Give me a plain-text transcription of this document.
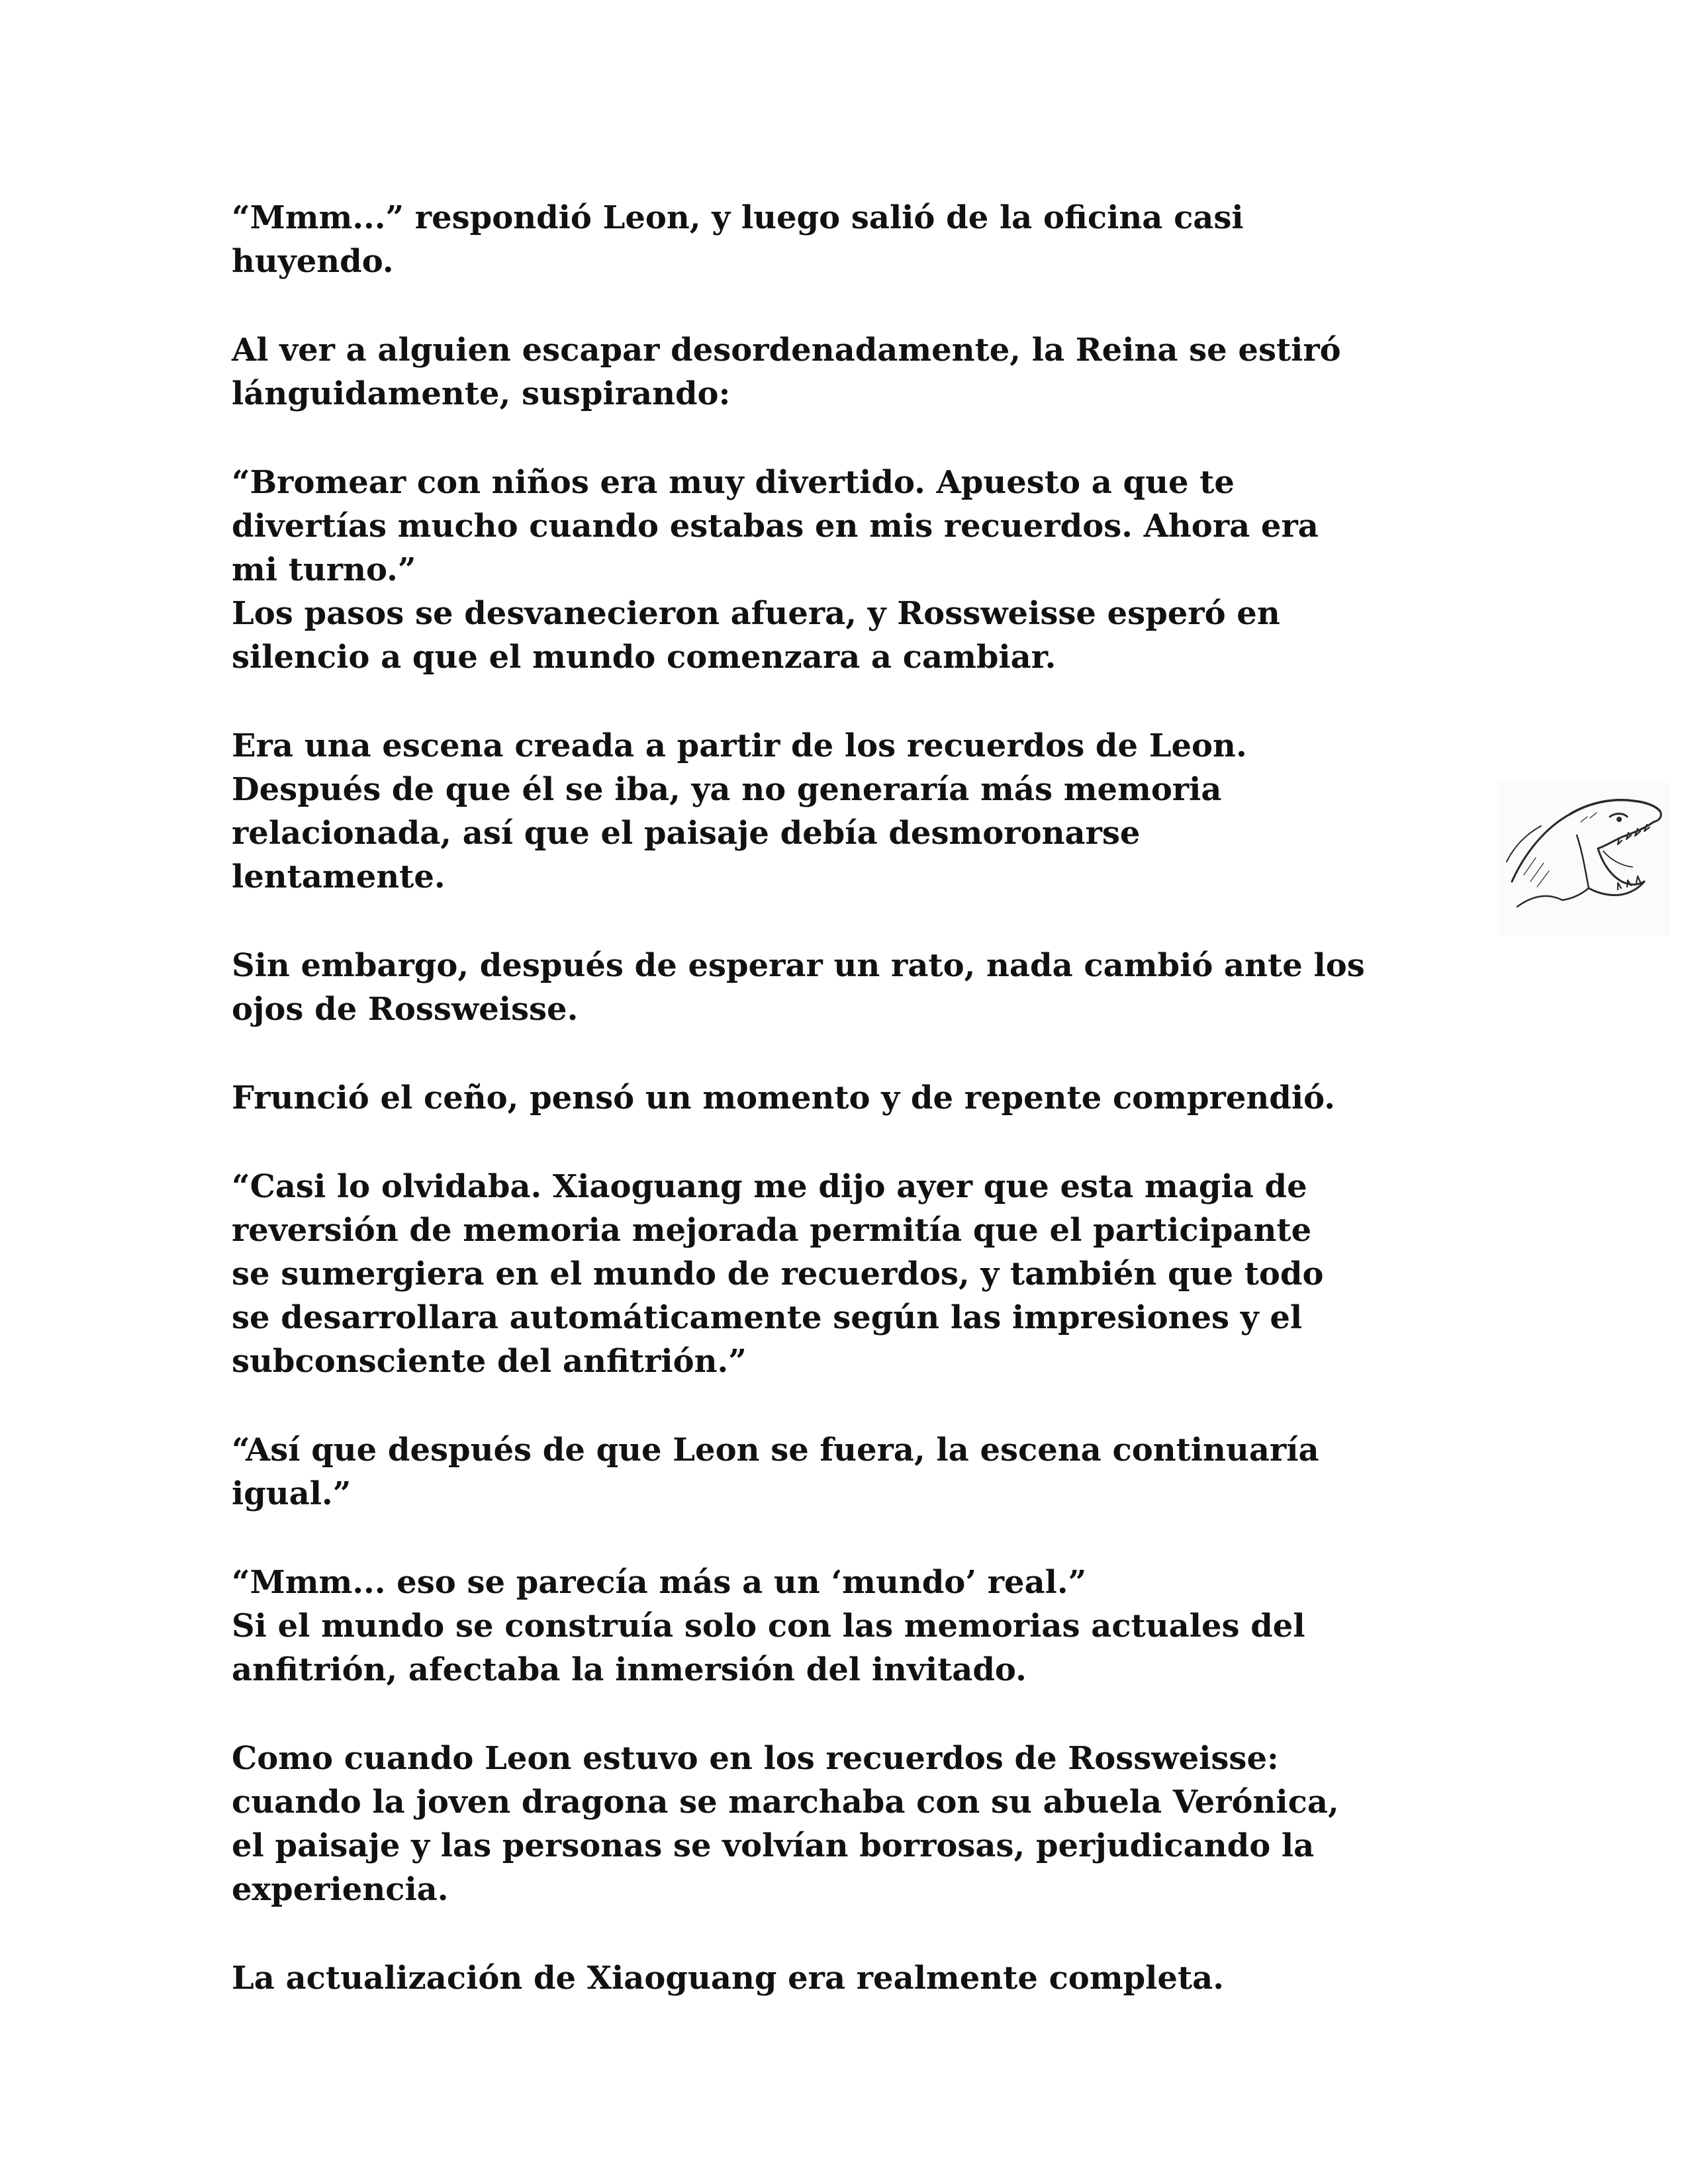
“Mmm...” respondió Leon, y luego salió de la oficina casi
huyendo.
Al ver a alguien escapar desordenadamente, la Reina se estiró
lánguidamente, suspirando:
“Bromear con niños era muy divertido. Apuesto a que te
divertías mucho cuando estabas en mis recuerdos. Ahora era
mi turno.”
Los pasos se desvanecieron afuera, y Rossweisse esperó en
silencio a que el mundo comenzara a cambiar.
Era una escena creada a partir de los recuerdos de Leon.
Después de que él se iba, ya no generaría más memoria
relacionada, así que el paisaje debía desmoronarse
lentamente.
Sin embargo, después de esperar un rato, nada cambió ante los
ojos de Rossweisse.
Frunció el ceño, pensó un momento y de repente comprendió.
“Casi lo olvidaba. Xiaoguang me dijo ayer que esta magia de
reversión de memoria mejorada permitía que el participante
se sumergiera en el mundo de recuerdos, y también que todo
se desarrollara automáticamente según las impresiones y el
subconsciente del anfitrión.”
“Así que después de que Leon se fuera, la escena continuaría
igual.”
“Mmm... eso se parecía más a un ‘mundo’ real.”
Si el mundo se construía solo con las memorias actuales del
anfitrión, afectaba la inmersión del invitado.
Como cuando Leon estuvo en los recuerdos de Rossweisse:
cuando la joven dragona se marchaba con su abuela Verónica,
el paisaje y las personas se volvían borrosas, perjudicando la
experiencia.
La actualización de Xiaoguang era realmente completa.
